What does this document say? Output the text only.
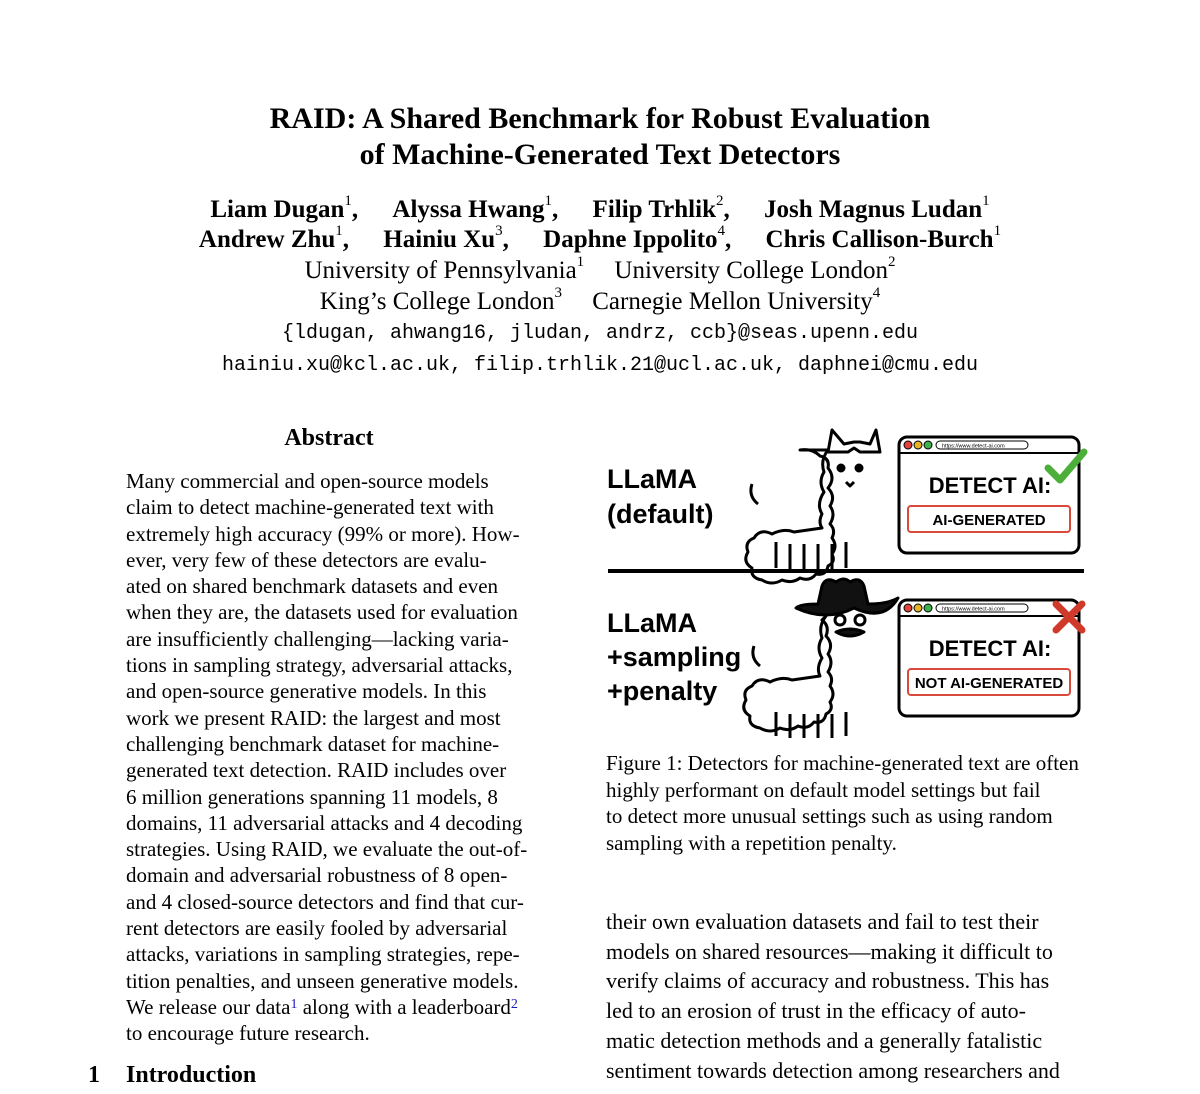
RAID: A Shared Benchmark for Robust Evaluation
of Machine-Generated Text Detectors
Liam Dugan$^1$, Alyssa Hwang$^1$, Filip Trhlik$^2$, Josh Magnus Ludan$^1$
Andrew Zhu$^1$, Hainiu Xu$^3$, Daphne Ippolito$^4$, Chris Callison-Burch$^1$
University of Pennsylvania$^1$ University College London$^2$
King’s College London$^3$ Carnegie Mellon University$^4$
{ldugan, ahwang16, jludan, andrz, ccb}@seas.upenn.edu
hainiu.xu@kcl.ac.uk, filip.trhlik.21@ucl.ac.uk, daphnei@cmu.edu
Abstract

Many commercial and open-source models

claim to detect machine-generated text with

extremely high accuracy (99% or more). How-

ever, very few of these detectors are evalu-

ated on shared benchmark datasets and even

when they are, the datasets used for evaluation

are insufficiently challenging—lacking varia-

tions in sampling strategy, adversarial attacks,

and open-source generative models. In this

work we present RAID: the largest and most

challenging benchmark dataset for machine-

generated text detection. RAID includes over

6 million generations spanning 11 models, 8

domains, 11 adversarial attacks and 4 decoding

strategies. Using RAID, we evaluate the out-of-

domain and adversarial robustness of 8 open-

and 4 closed-source detectors and find that cur-

rent detectors are easily fooled by adversarial

attacks, variations in sampling strategies, repe-

tition penalties, and unseen generative models.

We release our data$^1$ along with a leaderboard$^2$

to encourage future research.

1 Introduction
LLaMA
(default)
https://www.detect-ai.com
DETECT AI:
AI-GENERATED
LLaMA
+sampling
+penalty
https://www.detect-ai.com
DETECT AI:
NOT AI-GENERATED
Figure 1: Detectors for machine-generated text are often
highly performant on default model settings but fail
to detect more unusual settings such as using random
sampling with a repetition penalty.
their own evaluation datasets and fail to test their
models on shared resources—making it difficult to
verify claims of accuracy and robustness. This has
led to an erosion of trust in the efficacy of auto-
matic detection methods and a generally fatalistic
sentiment towards detection among researchers and
